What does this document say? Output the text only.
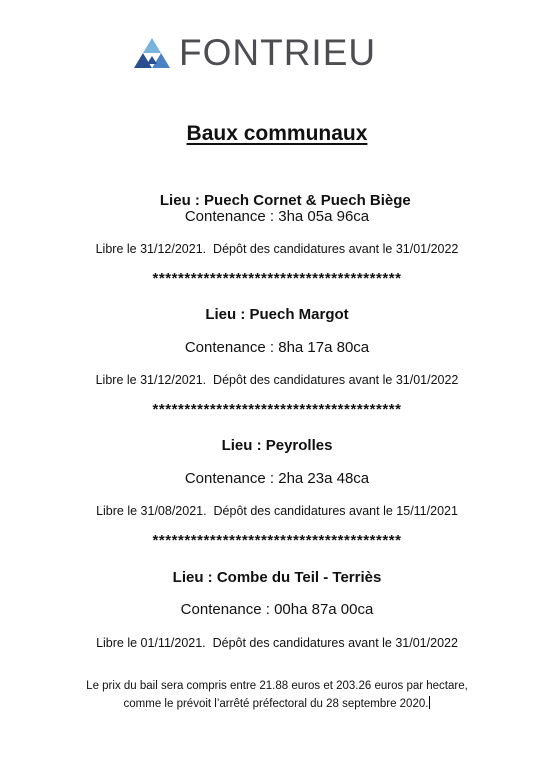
FONTRIEU
Baux communaux

Lieu : Puech Cornet & Puech Biège

Contenance : 3ha 05a 96ca
Libre le 31/12/2021.  Dépôt des candidatures avant le 31/01/2022
***************************************
Lieu : Puech Margot
Contenance : 8ha 17a 80ca
Libre le 31/12/2021.  Dépôt des candidatures avant le 31/01/2022
***************************************
Lieu : Peyrolles
Contenance : 2ha 23a 48ca
Libre le 31/08/2021.  Dépôt des candidatures avant le 15/11/2021
***************************************
Lieu : Combe du Teil - Terriès
Contenance : 00ha 87a 00ca
Libre le 01/11/2021.  Dépôt des candidatures avant le 31/01/2022
Le prix du bail sera compris entre 21.88 euros et 203.26 euros par hectare,
comme le prévoit l’arrêté préfectoral du 28 septembre 2020.
